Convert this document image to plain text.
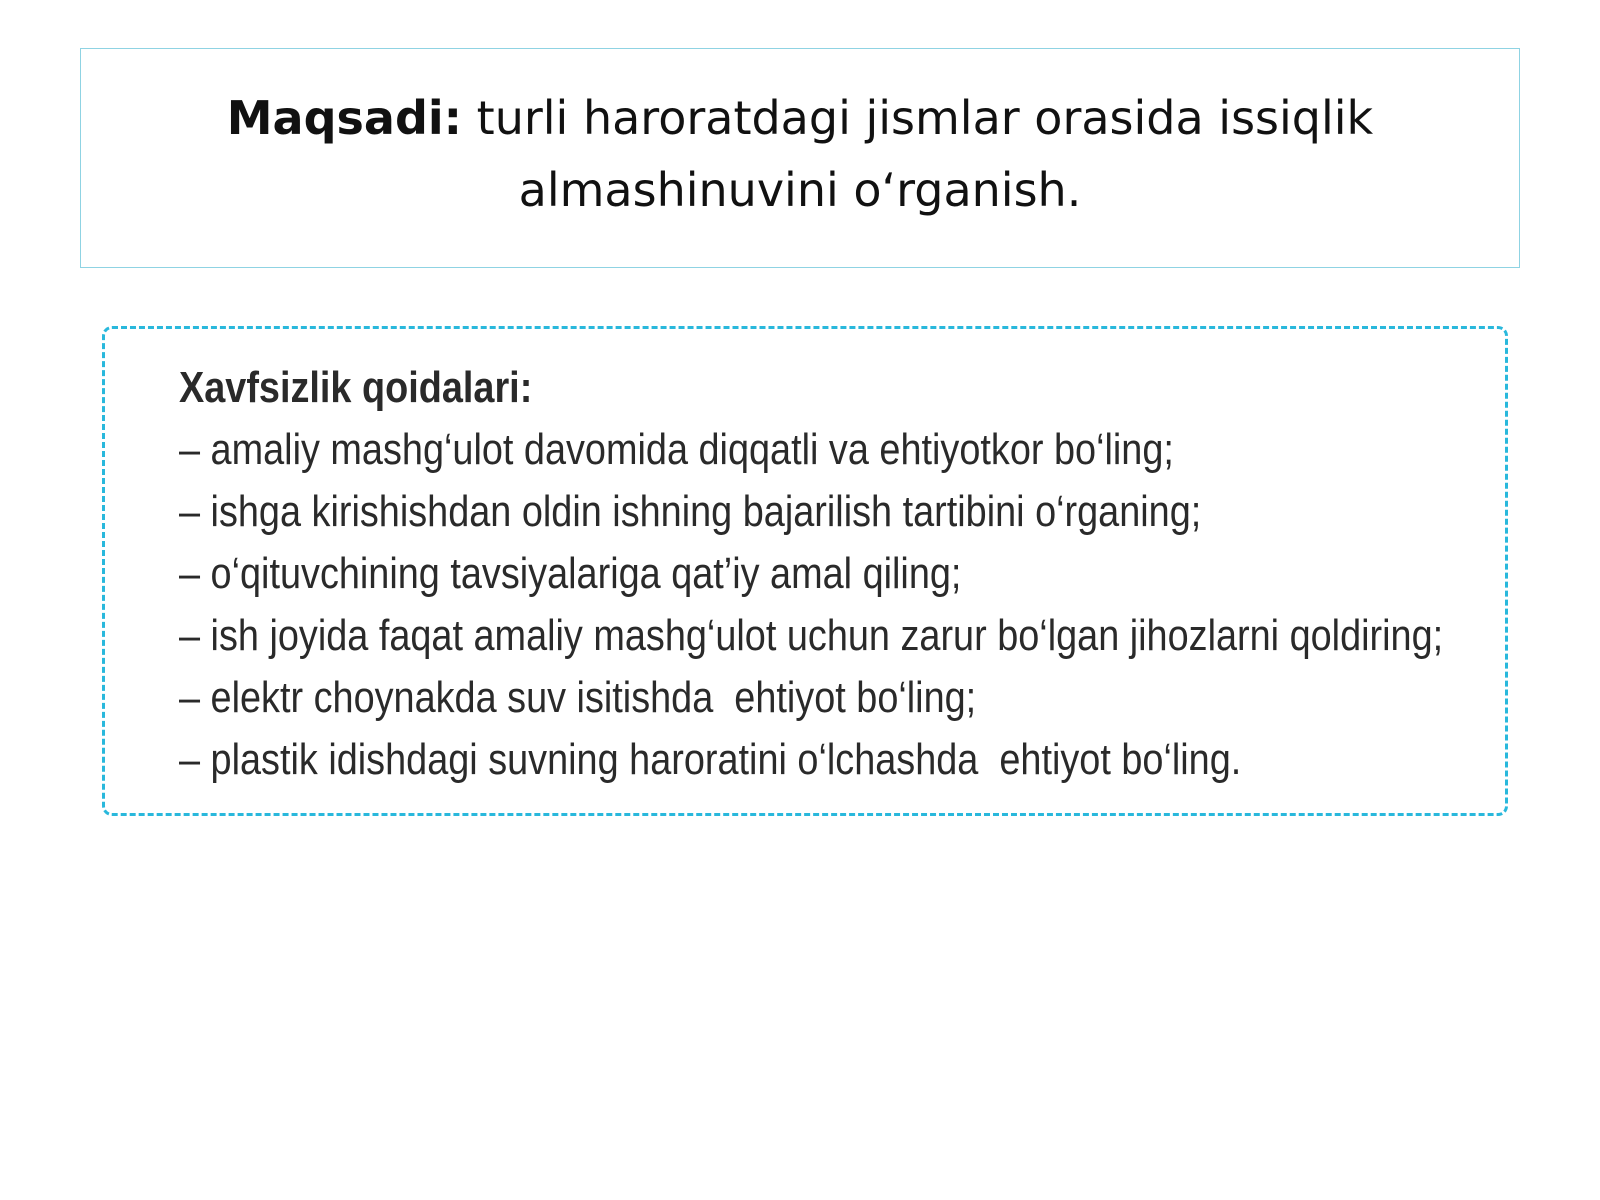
Maqsadi: turli haroratdagi jismlar orasida issiqlik almashinuvini o‘rganish.

Xavfsizlik qoidalari:

– amaliy mashg‘ulot davomida diqqatli va ehtiyotkor bo‘ling;
– ishga kirishishdan oldin ishning bajarilish tartibini o‘rganing;
– o‘qituvchining tavsiyalariga qat’iy amal qiling;
– ish joyida faqat amaliy mashg‘ulot uchun zarur bo‘lgan jihozlarni qoldiring;
– elektr choynakda suv isitishda  ehtiyot bo‘ling;
– plastik idishdagi suvning haroratini o‘lchashda  ehtiyot bo‘ling.
